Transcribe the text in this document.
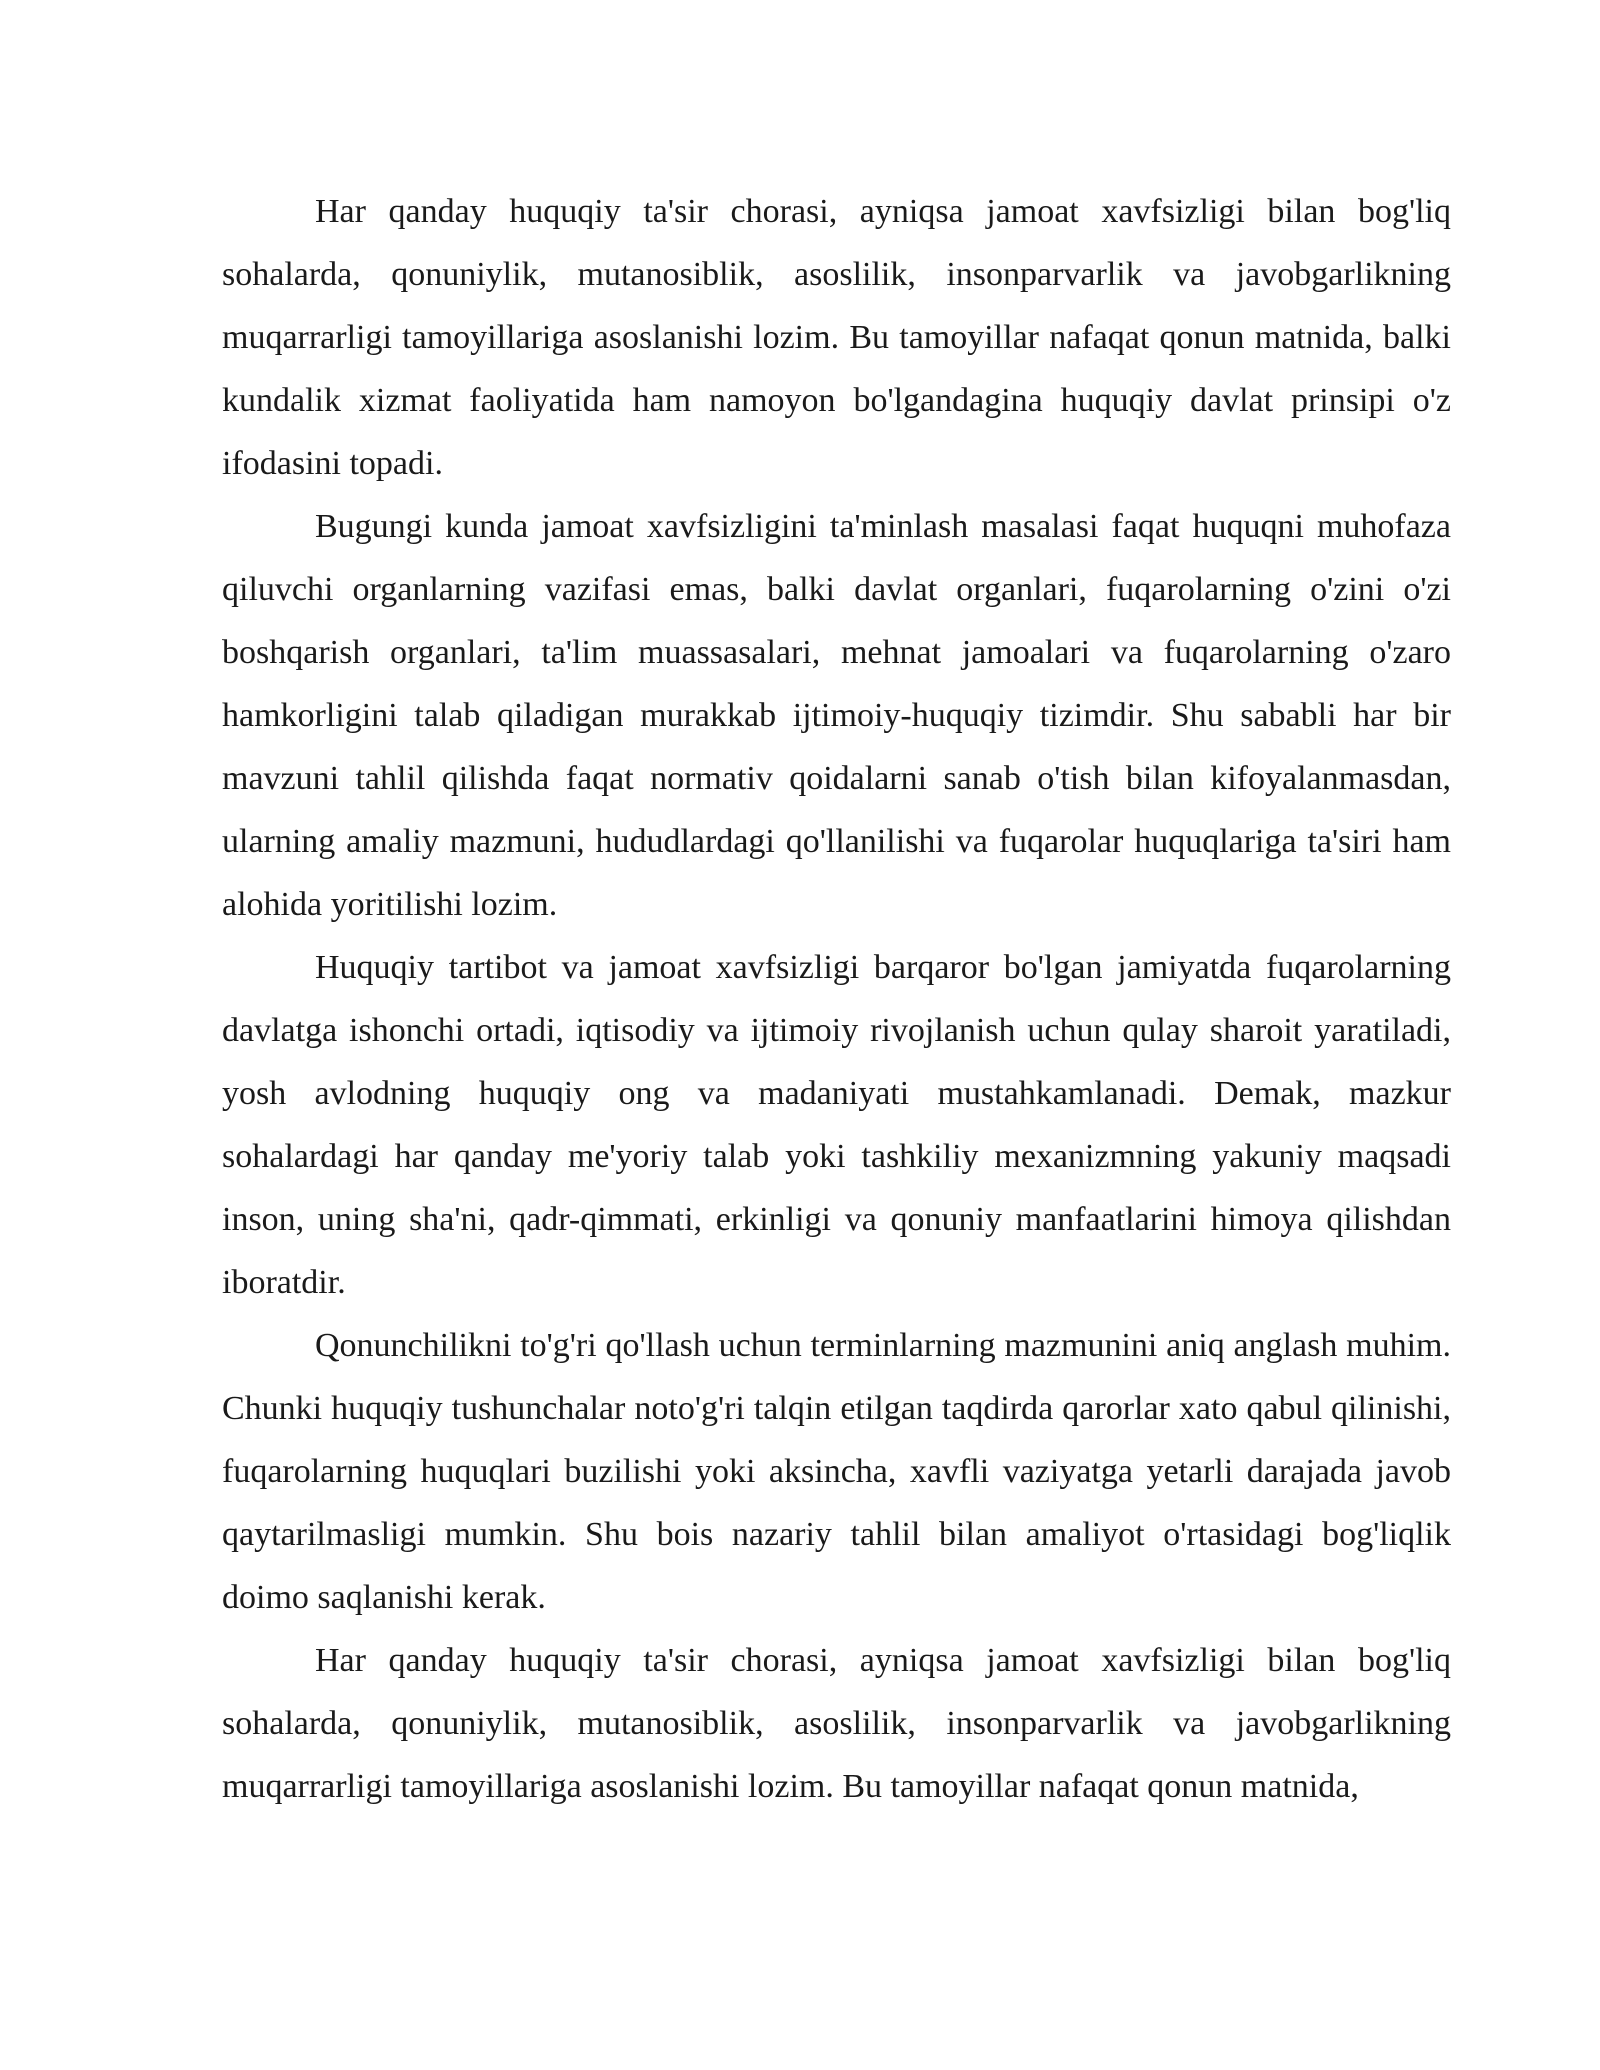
Har qanday huquqiy ta'sir chorasi, ayniqsa jamoat xavfsizligi bilan bog'liq sohalarda, qonuniylik, mutanosiblik, asoslilik, insonparvarlik va javobgarlikning muqarrarligi tamoyillariga asoslanishi lozim. Bu tamoyillar nafaqat qonun matnida, balki kundalik xizmat faoliyatida ham namoyon bo'lgandagina huquqiy davlat prinsipi o'z ifodasini topadi.

Bugungi kunda jamoat xavfsizligini ta'minlash masalasi faqat huquqni muhofaza qiluvchi organlarning vazifasi emas, balki davlat organlari, fuqarolarning o'zini o'zi boshqarish organlari, ta'lim muassasalari, mehnat jamoalari va fuqarolarning o'zaro hamkorligini talab qiladigan murakkab ijtimoiy-huquqiy tizimdir. Shu sababli har bir mavzuni tahlil qilishda faqat normativ qoidalarni sanab o'tish bilan kifoyalanmasdan, ularning amaliy mazmuni, hududlardagi qo'llanilishi va fuqarolar huquqlariga ta'siri ham alohida yoritilishi lozim.

Huquqiy tartibot va jamoat xavfsizligi barqaror bo'lgan jamiyatda fuqarolarning davlatga ishonchi ortadi, iqtisodiy va ijtimoiy rivojlanish uchun qulay sharoit yaratiladi, yosh avlodning huquqiy ong va madaniyati mustahkamlanadi. Demak, mazkur sohalardagi har qanday me'yoriy talab yoki tashkiliy mexanizmning yakuniy maqsadi inson, uning sha'ni, qadr-qimmati, erkinligi va qonuniy manfaatlarini himoya qilishdan iboratdir.

Qonunchilikni to'g'ri qo'llash uchun terminlarning mazmunini aniq anglash muhim. Chunki huquqiy tushunchalar noto'g'ri talqin etilgan taqdirda qarorlar xato qabul qilinishi, fuqarolarning huquqlari buzilishi yoki aksincha, xavfli vaziyatga yetarli darajada javob qaytarilmasligi mumkin. Shu bois nazariy tahlil bilan amaliyot o'rtasidagi bog'liqlik doimo saqlanishi kerak.

Har qanday huquqiy ta'sir chorasi, ayniqsa jamoat xavfsizligi bilan bog'liq sohalarda, qonuniylik, mutanosiblik, asoslilik, insonparvarlik va javobgarlikning muqarrarligi tamoyillariga asoslanishi lozim. Bu tamoyillar nafaqat qonun matnida,
